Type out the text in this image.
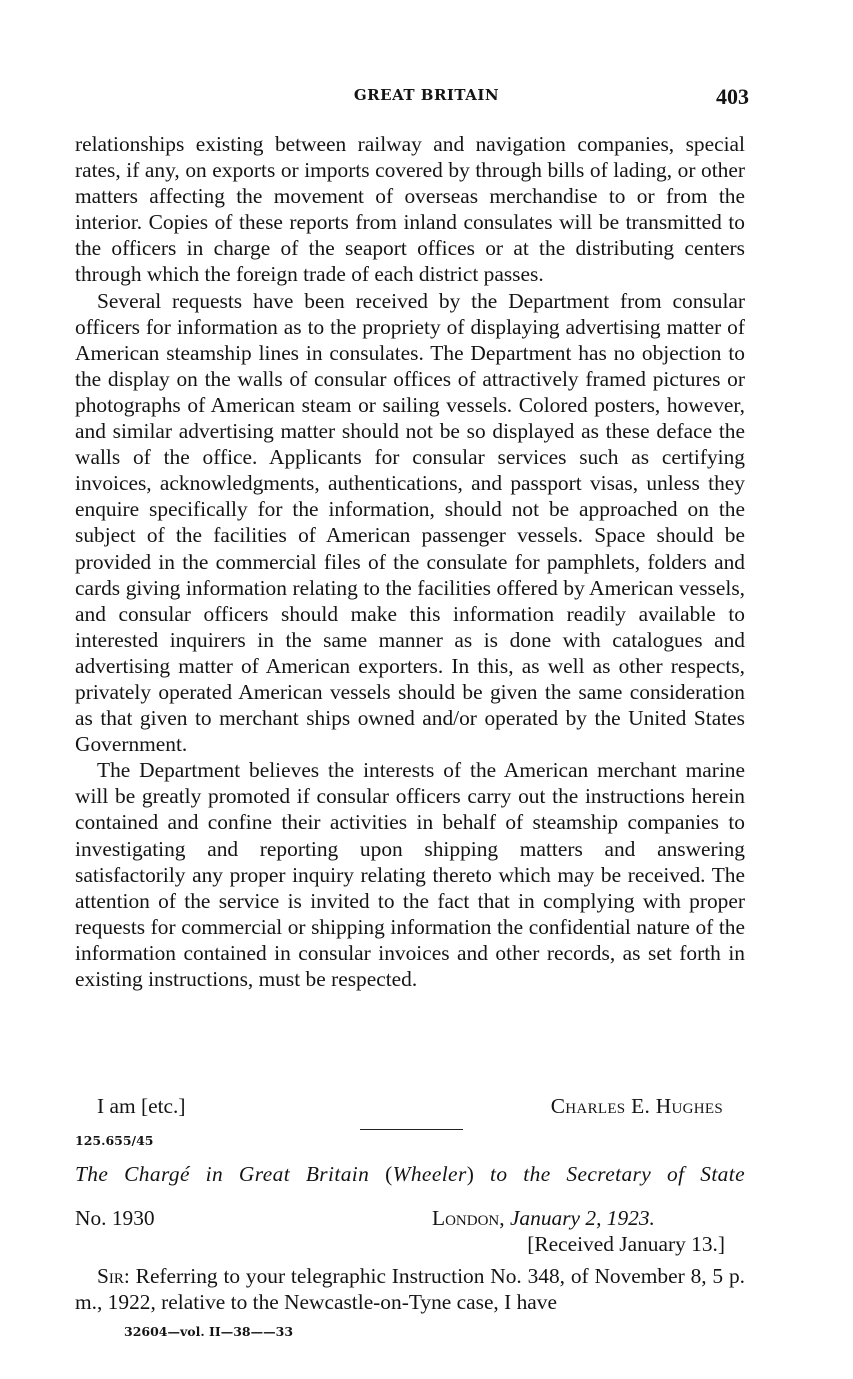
GREAT BRITAIN	403

relationships existing between railway and navigation companies, special rates, if any, on exports or imports covered by through bills of lading, or other matters affecting the movement of overseas merchandise to or from the interior. Copies of these reports from inland consulates will be transmitted to the officers in charge of the seaport offices or at the distributing centers through which the foreign trade of each district passes.

Several requests have been received by the Department from consular officers for information as to the propriety of displaying advertising matter of American steamship lines in consulates. The Department has no objection to the display on the walls of consular offices of attractively framed pictures or photographs of American steam or sailing vessels. Colored posters, however, and similar advertising matter should not be so displayed as these deface the walls of the office. Applicants for consular services such as certifying invoices, acknowledgments, authentications, and passport visas, unless they enquire specifically for the information, should not be approached on the subject of the facilities of American passenger vessels. Space should be provided in the commercial files of the consulate for pamphlets, folders and cards giving information relating to the facilities offered by American vessels, and consular officers should make this information readily available to interested inquirers in the same manner as is done with catalogues and advertising matter of American exporters. In this, as well as other respects, privately operated American vessels should be given the same consideration as that given to merchant ships owned and/or operated by the United States Government.

The Department believes the interests of the American merchant marine will be greatly promoted if consular officers carry out the instructions herein contained and confine their activities in behalf of steamship companies to investigating and reporting upon shipping matters and answering satisfactorily any proper inquiry relating thereto which may be received. The attention of the service is invited to the fact that in complying with proper requests for commercial or shipping information the confidential nature of the information contained in consular invoices and other records, as set forth in existing instructions, must be respected.

I am [etc.]	Charles E. Hughes
125.655/45
The Chargé in Great Britain (Wheeler) to the Secretary of State
No. 1930	London, January 2, 1923.
[Received January 13.]

Sir: Referring to your telegraphic Instruction No. 348, of November 8, 5 p. m., 1922, relative to the Newcastle-on-Tyne case, I have

32604—vol. II—38——33
